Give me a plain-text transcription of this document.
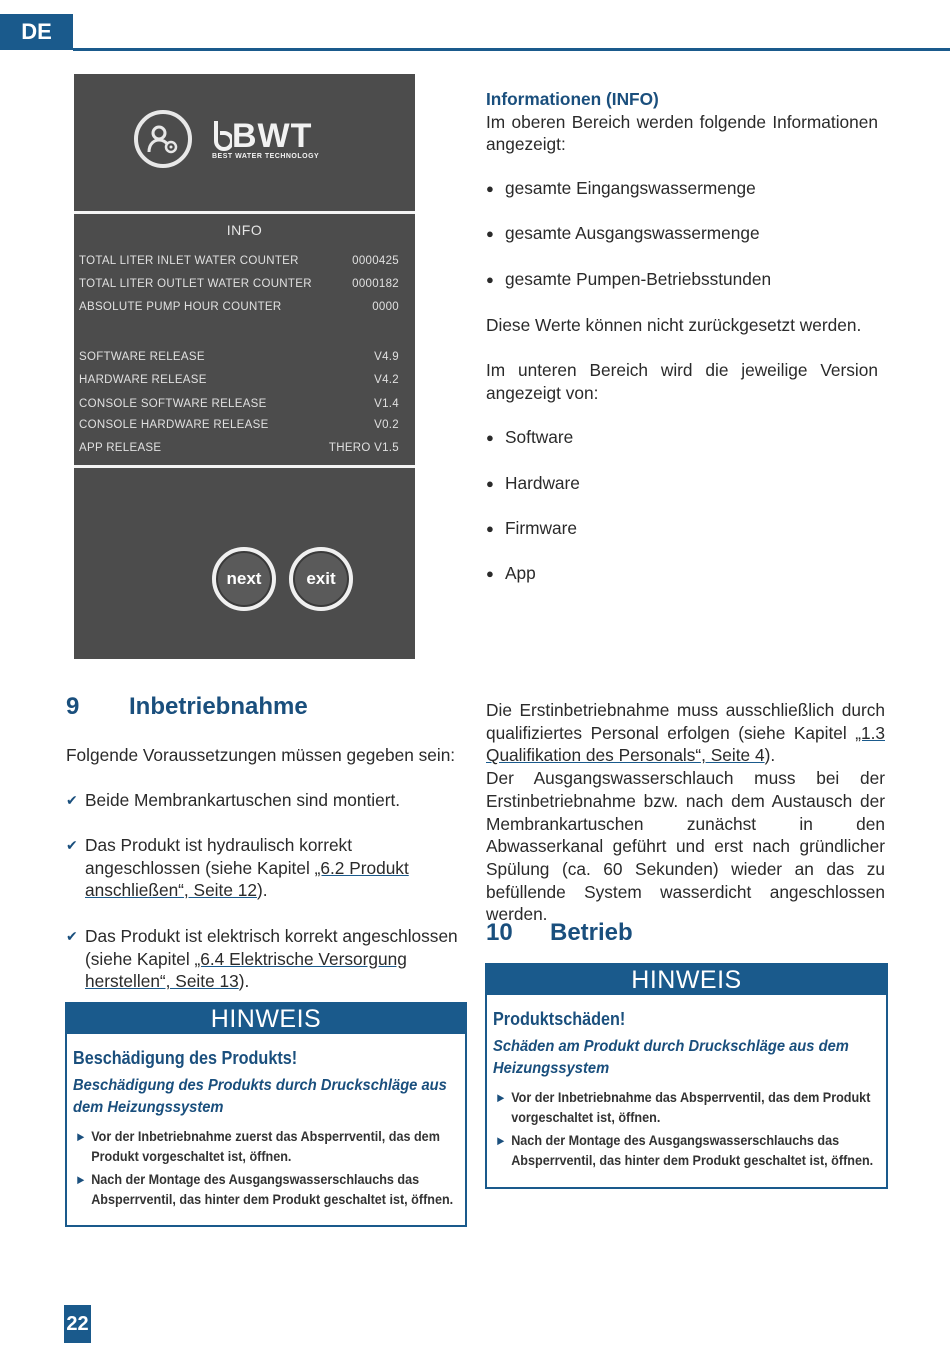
DE
BWT
BEST WATER TECHNOLOGY
INFO
TOTAL LITER INLET WATER COUNTER	0000425
TOTAL LITER OUTLET WATER COUNTER	0000182
ABSOLUTE PUMP HOUR COUNTER	0000
SOFTWARE RELEASE	V4.9
HARDWARE RELEASE	V4.2
CONSOLE SOFTWARE RELEASE	V1.4
CONSOLE HARDWARE RELEASE	V0.2
APP RELEASE	THERO V1.5
next	exit
Informationen (INFO)
Im oberen Bereich werden folgende Informationen angezeigt:
● gesamte Eingangswassermenge
● gesamte Ausgangswassermenge
● gesamte Pumpen-Betriebsstunden
Diese Werte können nicht zurückgesetzt werden.
Im unteren Bereich wird die jeweilige Version angezeigt von:
● Software
● Hardware
● Firmware
● App
9	Inbetriebnahme
Folgende Voraussetzungen müssen gegeben sein:
✔ Beide Membrankartuschen sind montiert.
✔ Das Produkt ist hydraulisch korrekt angeschlossen (siehe Kapitel „6.2 Produkt anschließen“, Seite 12).
✔ Das Produkt ist elektrisch korrekt angeschlossen (siehe Kapitel „6.4 Elektrische Versorgung herstellen“, Seite 13).
HINWEIS
Beschädigung des Produkts!
Beschädigung des Produkts durch Druckschläge aus dem Heizungssystem
► Vor der Inbetriebnahme zuerst das Absperrventil, das dem Produkt vorgeschaltet ist, öffnen.
► Nach der Montage des Ausgangswasserschlauchs das Absperrventil, das hinter dem Produkt geschaltet ist, öffnen.
Die Erstinbetriebnahme muss ausschließlich durch qualifiziertes Personal erfolgen (siehe Kapitel „1.3 Qualifikation des Personals“, Seite 4).
Der Ausgangswasserschlauch muss bei der Erstinbetriebnahme bzw. nach dem Austausch der Membrankartuschen zunächst in den Abwasserkanal geführt und erst nach gründlicher Spülung (ca. 60 Sekunden) wieder an das zu befüllende System wasserdicht angeschlossen werden.
10	Betrieb
HINWEIS
Produktschäden!
Schäden am Produkt durch Druckschläge aus dem Heizungssystem
► Vor der Inbetriebnahme das Absperrventil, das dem Produkt vorgeschaltet ist, öffnen.
► Nach der Montage des Ausgangswasserschlauchs das Absperrventil, das hinter dem Produkt geschaltet ist, öffnen.
22
